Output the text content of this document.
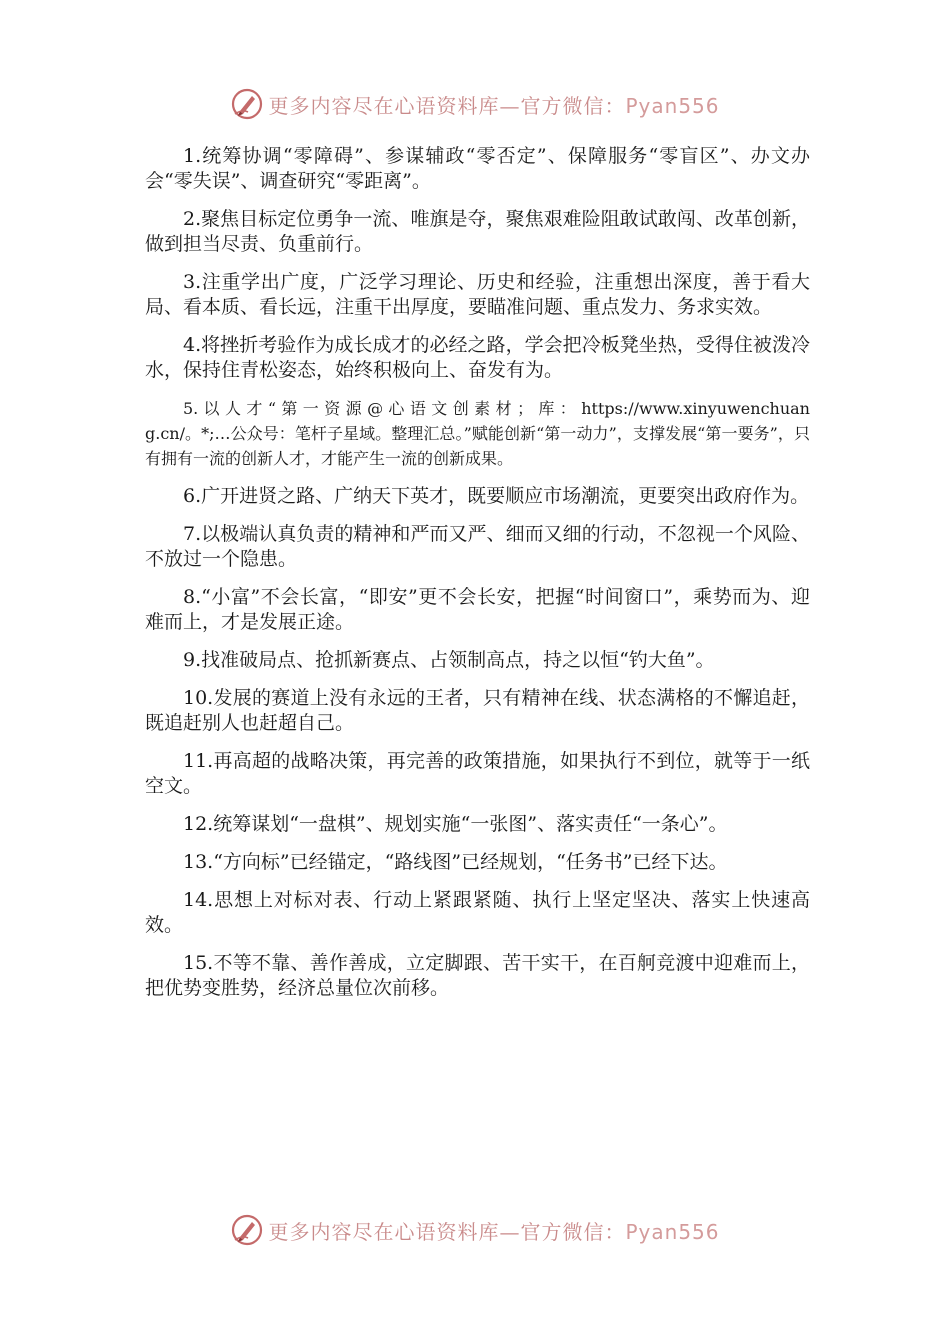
更多内容尽在心语资料库—官方微信：Pyan556

1.统筹协调“零障碍”、参谋辅政“零否定”、保障服务“零盲区”、办文办会“零失误”、调查研究“零距离”。

2.聚焦目标定位勇争一流、唯旗是夺，聚焦艰难险阻敢试敢闯、改革创新，做到担当尽责、负重前行。

3.注重学出广度，广泛学习理论、历史和经验，注重想出深度，善于看大局、看本质、看长远，注重干出厚度，要瞄准问题、重点发力、务求实效。

4.将挫折考验作为成长成才的必经之路，学会把冷板凳坐热，受得住被泼冷水，保持住青松姿态，始终积极向上、奋发有为。

5. 以 人 才 “ 第 一 资 源 @ 心 语 文 创 素 材 ； 库 ： https://www.xinyuwenchuang.cn/。*;…公众号：笔杆子星域。整理汇总。”赋能创新“第一动力”，支撑发展“第一要务”，只有拥有一流的创新人才，才能产生一流的创新成果。

6.广开进贤之路、广纳天下英才，既要顺应市场潮流，更要突出政府作为。

7.以极端认真负责的精神和严而又严、细而又细的行动，不忽视一个风险、不放过一个隐患。

8.“小富”不会长富，“即安”更不会长安，把握“时间窗口”，乘势而为、迎难而上，才是发展正途。

9.找准破局点、抢抓新赛点、占领制高点，持之以恒“钓大鱼”。

10.发展的赛道上没有永远的王者，只有精神在线、状态满格的不懈追赶，既追赶别人也赶超自己。

11.再高超的战略决策，再完善的政策措施，如果执行不到位，就等于一纸空文。

12.统筹谋划“一盘棋”、规划实施“一张图”、落实责任“一条心”。

13.“方向标”已经锚定，“路线图”已经规划，“任务书”已经下达。

14.思想上对标对表、行动上紧跟紧随、执行上坚定坚决、落实上快速高效。

15.不等不靠、善作善成，立定脚跟、苦干实干，在百舸竞渡中迎难而上，把优势变胜势，经济总量位次前移。

更多内容尽在心语资料库—官方微信：Pyan556
